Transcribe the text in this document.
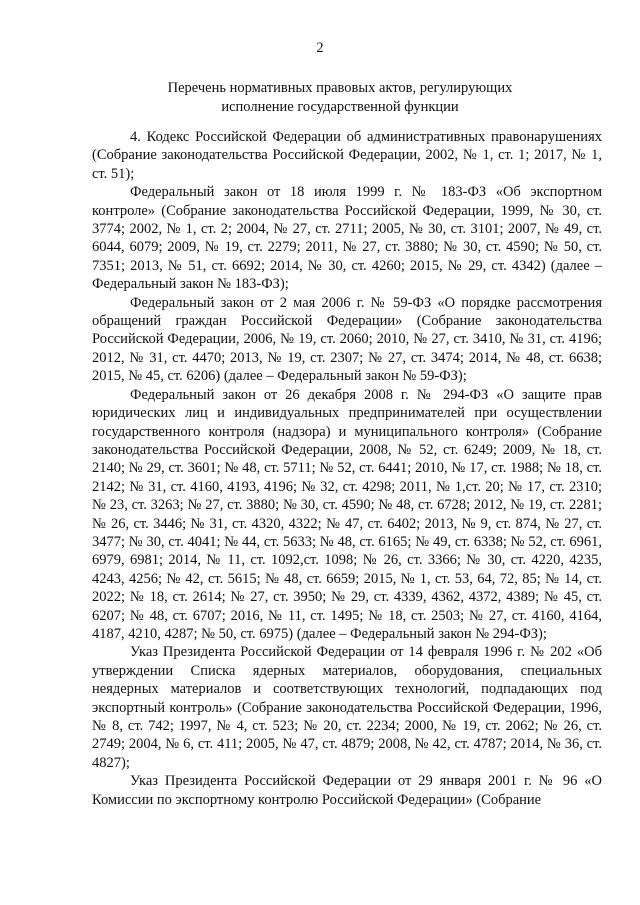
2
Перечень нормативных правовых актов, регулирующих
исполнение государственной функции

4. Кодекс Российской Федерации об административных правонарушениях (Собрание законодательства Российской Федерации, 2002, № 1, ст. 1; 2017, № 1, ст. 51);

Федеральный закон от 18 июля 1999 г. № 183-ФЗ «Об экспортном контроле» (Собрание законодательства Российской Федерации, 1999, № 30, ст. 3774; 2002, № 1, ст. 2; 2004, № 27, ст. 2711; 2005, № 30, ст. 3101; 2007, № 49, ст. 6044, 6079; 2009, № 19, ст. 2279; 2011, № 27, ст. 3880; № 30, ст. 4590; № 50, ст. 7351; 2013, № 51, ст. 6692; 2014, № 30, ст. 4260; 2015, № 29, ст. 4342) (далее – Федеральный закон № 183-ФЗ);

Федеральный закон от 2 мая 2006 г. № 59-ФЗ «О порядке рассмотрения обращений граждан Российской Федерации» (Собрание законодательства Российской Федерации, 2006, № 19, ст. 2060; 2010, № 27, ст. 3410, № 31, ст. 4196; 2012, № 31, ст. 4470; 2013, № 19, ст. 2307; № 27, ст. 3474; 2014, № 48, ст. 6638; 2015, № 45, ст. 6206) (далее – Федеральный закон № 59-ФЗ);

Федеральный закон от 26 декабря 2008 г. № 294-ФЗ «О защите прав юридических лиц и индивидуальных предпринимателей при осуществлении государственного контроля (надзора) и муниципального контроля» (Собрание законодательства Российской Федерации, 2008, № 52, ст. 6249; 2009, № 18, ст. 2140; № 29, ст. 3601; № 48, ст. 5711; № 52, ст. 6441; 2010, № 17, ст. 1988; № 18, ст. 2142; № 31, ст. 4160, 4193, 4196; № 32, ст. 4298; 2011, № 1,ст. 20; № 17, ст. 2310; № 23, ст. 3263; № 27, ст. 3880; № 30, ст. 4590; № 48, ст. 6728; 2012, № 19, ст. 2281; № 26, ст. 3446; № 31, ст. 4320, 4322; № 47, ст. 6402; 2013, № 9, ст. 874, № 27, ст. 3477; № 30, ст. 4041; № 44, ст. 5633; № 48, ст. 6165; № 49, ст. 6338; № 52, ст. 6961, 6979, 6981; 2014, № 11, ст. 1092,ст. 1098; № 26, ст. 3366; № 30, ст. 4220, 4235, 4243, 4256; № 42, ст. 5615; № 48, ст. 6659; 2015, № 1, ст. 53, 64, 72, 85; № 14, ст. 2022; № 18, ст. 2614; № 27, ст. 3950; № 29, ст. 4339, 4362, 4372, 4389; № 45, ст. 6207; № 48, ст. 6707; 2016, № 11, ст. 1495; № 18, ст. 2503; № 27, ст. 4160, 4164, 4187, 4210, 4287; № 50, ст. 6975) (далее – Федеральный закон № 294-ФЗ);

Указ Президента Российской Федерации от 14 февраля 1996 г. № 202 «Об утверждении Списка ядерных материалов, оборудования, специальных неядерных материалов и соответствующих технологий, подпадающих под экспортный контроль» (Собрание законодательства Российской Федерации, 1996, № 8, ст. 742; 1997, № 4, ст. 523; № 20, ст. 2234; 2000, № 19, ст. 2062; № 26, ст. 2749; 2004, № 6, ст. 411; 2005, № 47, ст. 4879; 2008, № 42, ст. 4787; 2014, № 36, ст. 4827);

Указ Президента Российской Федерации от 29 января 2001 г. № 96 «О Комиссии по экспортному контролю Российской Федерации» (Собрание
